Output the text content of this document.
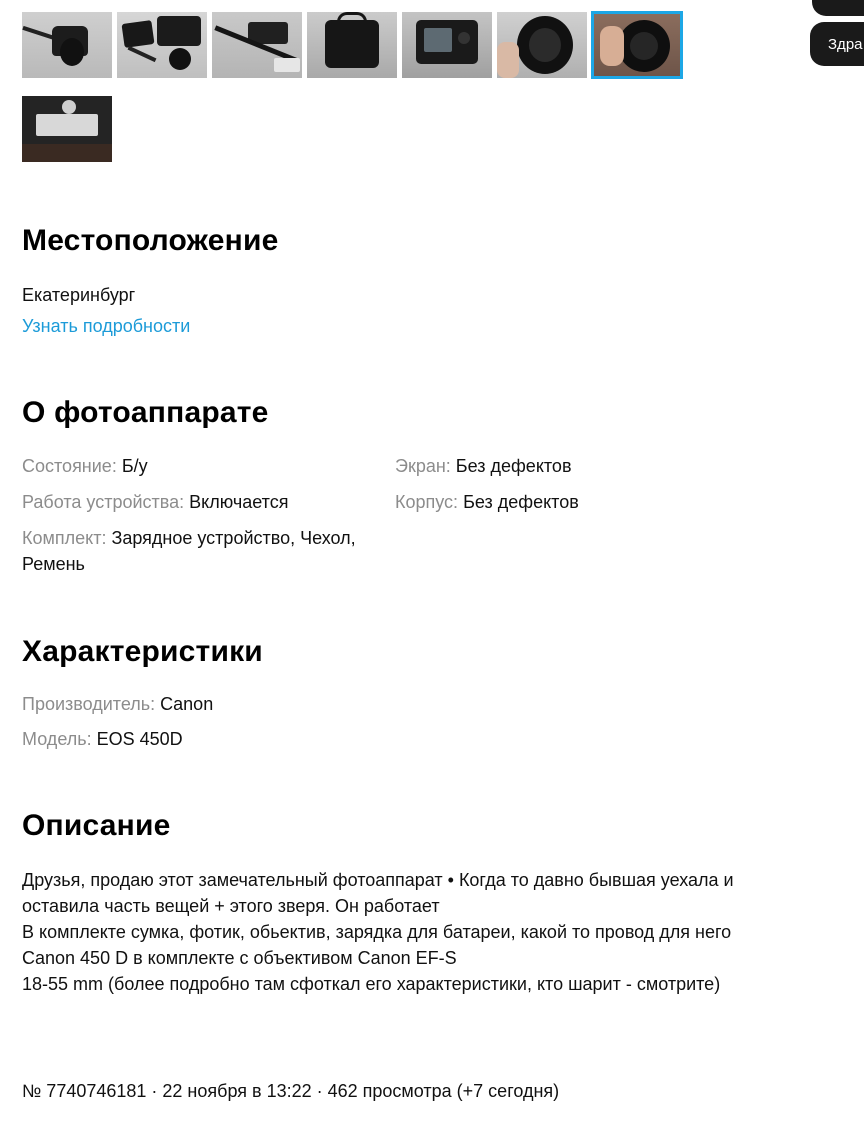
Здра
Местоположение
Екатеринбург
Узнать подробности
О фотоаппарате
Состояние: Б/у	Экран: Без дефектов
Работа устройства: Включается	Корпус: Без дефектов
Комплект: Зарядное устройство, Чехол, Ремень
Характеристики
Производитель: Canon
Модель: EOS 450D
Описание

Друзья, продаю этот замечательный фотоаппарат • Когда то давно бывшая уехала и оставила часть вещей + этого зверя. Он работает
В комплекте сумка, фотик, обьектив, зарядка для батареи, какой то провод для него
Canon 450 D в комплекте с объективом Canon EF-S
18-55 mm (более подробно там сфоткал его характеристики, кто шарит - смотрите)

№ 7740746181 · 22 ноября в 13:22 · 462 просмотра (+7 сегодня)
